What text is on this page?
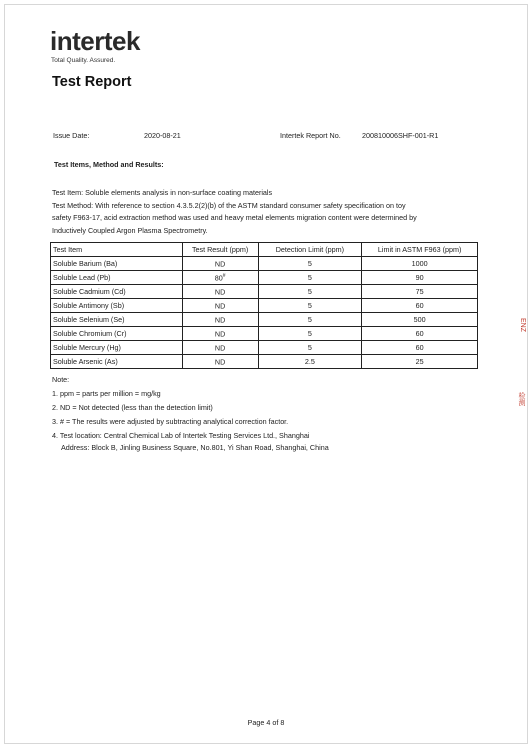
intertek
Total Quality. Assured.
Test Report
Issue Date:	2020-08-21	Intertek Report No.	200810006SHF-001-R1
Test Items, Method and Results:
Test Item: Soluble elements analysis in non-surface coating materials
Test Method: With reference to section 4.3.5.2(2)(b) of the ASTM standard consumer safety specification on toy
safety F963-17, acid extraction method was used and heavy metal elements migration content were determined by
Inductively Coupled Argon Plasma Spectrometry.
Test Item	Test Result (ppm)	Detection Limit (ppm)	Limit in ASTM F963 (ppm)
Soluble Barium (Ba)	ND	5	1000
Soluble Lead (Pb)	80#	5	90
Soluble Cadmium (Cd)	ND	5	75
Soluble Antimony (Sb)	ND	5	60
Soluble Selenium (Se)	ND	5	500
Soluble Chromium (Cr)	ND	5	60
Soluble Mercury (Hg)	ND	5	60
Soluble Arsenic (As)	ND	2.5	25
Note:
1. ppm = parts per million = mg/kg
2. ND = Not detected (less than the detection limit)
3. # = The results were adjusted by subtracting analytical correction factor.
4. Test location: Central Chemical Lab of Intertek Testing Services Ltd., Shanghai
Address: Block B, Jinling Business Square, No.801, Yi Shan Road, Shanghai, China
Page 4 of 8
ENZ
检测
